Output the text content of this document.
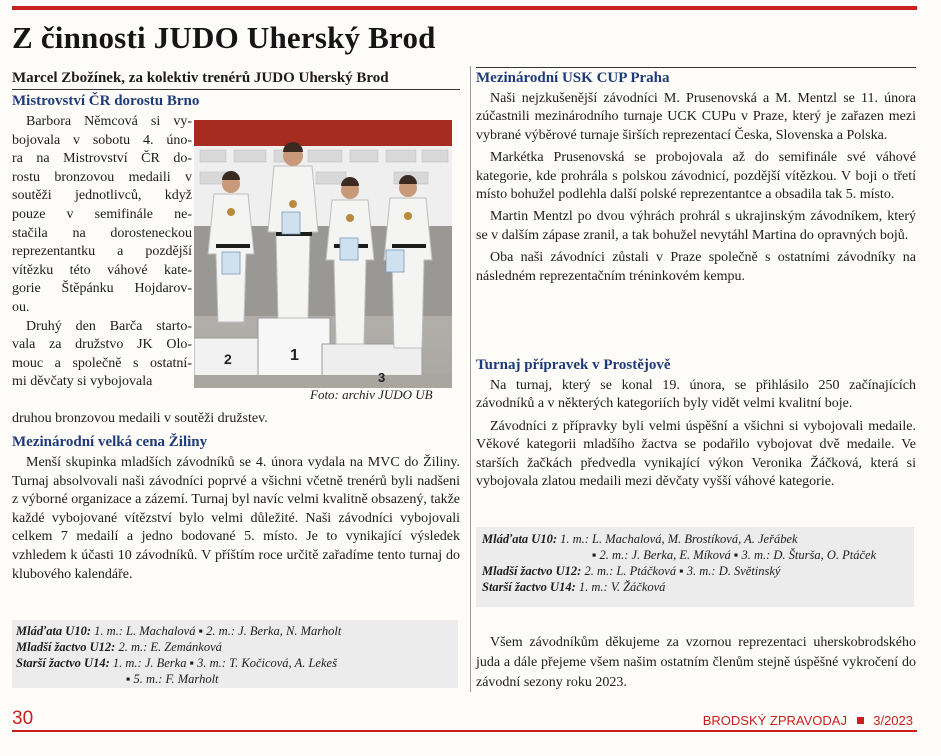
Z činnosti JUDO Uherský Brod
Marcel Zbožínek, za kolektiv trenérů JUDO Uherský Brod
Mistrovství ČR dorostu Brno
Barbora Němcová si vy-
bojovala v sobotu 4. úno-
ra na Mistrovství ČR do-
rostu bronzovou medaili v
soutěži jednotlivců, když
pouze v semifinále ne-
stačila na dorosteneckou
reprezentantku a pozdější
vítězku této váhové kate-
gorie Štěpánku Hojdarov-
ou.
Druhý den Barča starto-
vala za družstvo JK Olo-
mouc a společně s ostatní-
mi děvčaty si vybojovala
druhou bronzovou medaili v soutěži družstev.
2	1
3
Foto: archiv JUDO UB
Mezinárodní velká cena Žiliny

Menší skupinka mladších závodníků se 4. února vydala na MVC do Žiliny. Turnaj absolvovali naši závodníci poprvé a všichni včetně trenérů byli nadšeni z výborné organizace a zázemí. Turnaj byl navíc velmi kvalitně obsazený, takže každé vybojované vítězství bylo velmi důležité. Naši závodníci vybojovali celkem 7 medailí a jedno bodované 5. místo. Je to vynikající výsledek vzhledem k účasti 10 závodníků. V příštím roce určitě zařadíme tento turnaj do klubového kalendáře.

Mláďata U10: 1. m.: L. Machalová ▪ 2. m.: J. Berka, N. Marholt
Mladší žactvo U12: 2. m.: E. Zemánková
Starší žactvo U14: 1. m.: J. Berka ▪ 3. m.: T. Kočicová, A. Lekeš
▪ 5. m.: F. Marholt
Mezinárodní USK CUP Praha

Naši nejzkušenější závodníci M. Prusenovská a M. Mentzl se 11. února zúčastnili mezinárodního turnaje UCK CUPu v Praze, který je zařazen mezi vybrané výběrové turnaje širších reprezentací Česka, Slovenska a Polska.

Markétka Prusenovská se probojovala až do semifinále své váhové kategorie, kde prohrála s polskou závodnicí, pozdější vítězkou. V boji o třetí místo bohužel podlehla další polské reprezentantce a obsadila tak 5. místo.

Martin Mentzl po dvou výhrách prohrál s ukrajinským závodníkem, který se v dalším zápase zranil, a tak bohužel nevytáhl Martina do opravných bojů.

Oba naši závodníci zůstali v Praze společně s ostatními závodníky na následném reprezentačním tréninkovém kempu.

Turnaj přípravek v Prostějově

Na turnaj, který se konal 19. února, se přihlásilo 250 začínajících závodníků a v některých kategoriích byly vidět velmi kvalitní boje.

Závodníci z přípravky byli velmi úspěšní a všichni si vybojovali medaile. Věkové kategorii mladšího žactva se podařilo vybojovat dvě medaile. Ve starších žačkách předvedla vynikající výkon Veronika Žáčková, která si vybojovala zlatou medaili mezi děvčaty vyšší váhové kategorie.

Mláďata U10: 1. m.: L. Machalová, M. Brostíková, A. Jeřábek
▪ 2. m.: J. Berka, E. Míková ▪ 3. m.: D. Šturša, O. Ptáček
Mladší žactvo U12: 2. m.: L. Ptáčková ▪ 3. m.: D. Světinský
Starší žactvo U14: 1. m.: V. Žáčková

Všem závodníkům děkujeme za vzornou reprezentaci uherskobrodského juda a dále přejeme všem našim ostatním členům stejně úspěšné vykročení do závodní sezony roku 2023.

30	BRODSKÝ ZPRAVODAJ 3/2023
